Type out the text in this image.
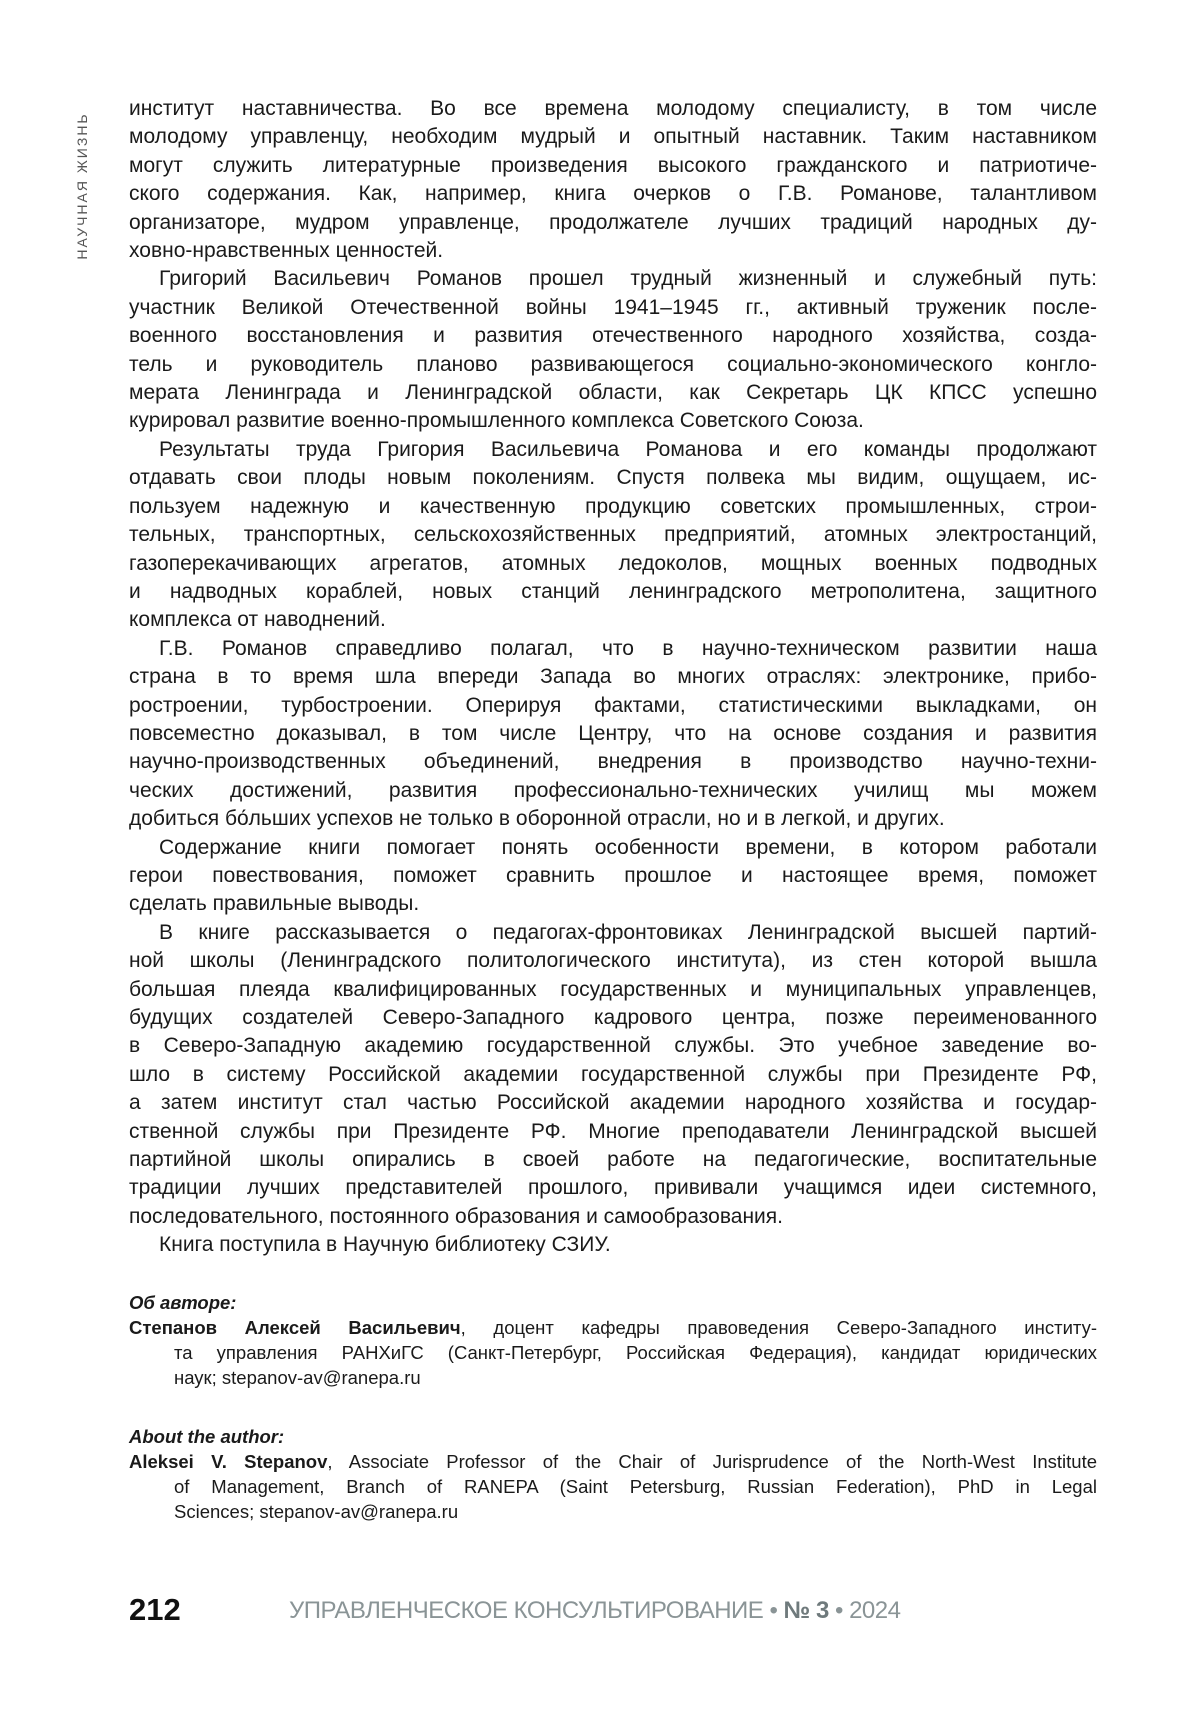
НАУЧНАЯ ЖИЗНЬ
институт наставничества. Во все времена молодому специалисту, в том числе
молодому управленцу, необходим мудрый и опытный наставник. Таким наставником
могут служить литературные произведения высокого гражданского и патриотиче-
ского содержания. Как, например, книга очерков о Г.В. Романове, талантливом
организаторе, мудром управленце, продолжателе лучших традиций народных ду-
ховно-нравственных ценностей.
Григорий Васильевич Романов прошел трудный жизненный и служебный путь:
участник Великой Отечественной войны 1941–1945 гг., активный труженик после-
военного восстановления и развития отечественного народного хозяйства, созда-
тель и руководитель планово развивающегося социально-экономического конгло-
мерата Ленинграда и Ленинградской области, как Секретарь ЦК КПСС успешно
курировал развитие военно-промышленного комплекса Советского Союза.
Результаты труда Григория Васильевича Романова и его команды продолжают
отдавать свои плоды новым поколениям. Спустя полвека мы видим, ощущаем, ис-
пользуем надежную и качественную продукцию советских промышленных, строи-
тельных, транспортных, сельскохозяйственных предприятий, атомных электростанций,
газоперекачивающих агрегатов, атомных ледоколов, мощных военных подводных
и надводных кораблей, новых станций ленинградского метрополитена, защитного
комплекса от наводнений.
Г.В. Романов справедливо полагал, что в научно-техническом развитии наша
страна в то время шла впереди Запада во многих отраслях: электронике, прибо-
ростроении, турбостроении. Оперируя фактами, статистическими выкладками, он
повсеместно доказывал, в том числе Центру, что на основе создания и развития
научно-производственных объединений, внедрения в производство научно-техни-
ческих достижений, развития профессионально-технических училищ мы можем
добиться бо́льших успехов не только в оборонной отрасли, но и в легкой, и других.
Содержание книги помогает понять особенности времени, в котором работали
герои повествования, поможет сравнить прошлое и настоящее время, поможет
сделать правильные выводы.
В книге рассказывается о педагогах-фронтовиках Ленинградской высшей партий-
ной школы (Ленинградского политологического института), из стен которой вышла
большая плеяда квалифицированных государственных и муниципальных управленцев,
будущих создателей Северо-Западного кадрового центра, позже переименованного
в Северо-Западную академию государственной службы. Это учебное заведение во-
шло в систему Российской академии государственной службы при Президенте РФ,
а затем институт стал частью Российской академии народного хозяйства и государ-
ственной службы при Президенте РФ. Многие преподаватели Ленинградской высшей
партийной школы опирались в своей работе на педагогические, воспитательные
традиции лучших представителей прошлого, прививали учащимся идеи системного,
последовательного, постоянного образования и самообразования.
Книга поступила в Научную библиотеку СЗИУ.
Об авторе:
Степанов Алексей Васильевич, доцент кафедры правоведения Северо-Западного институ-
та управления РАНХиГС (Санкт-Петербург, Российская Федерация), кандидат юридических
наук; stepanov-av@ranepa.ru
About the author:
Aleksei V. Stepanov, Associate Professor of the Chair of Jurisprudence of the North-West Institute
of Management, Branch of RANEPA (Saint Petersburg, Russian Federation), PhD in Legal
Sciences; stepanov-av@ranepa.ru
212	УПРАВЛЕНЧЕСКОЕ КОНСУЛЬТИРОВАНИЕ • № 3 • 2024
